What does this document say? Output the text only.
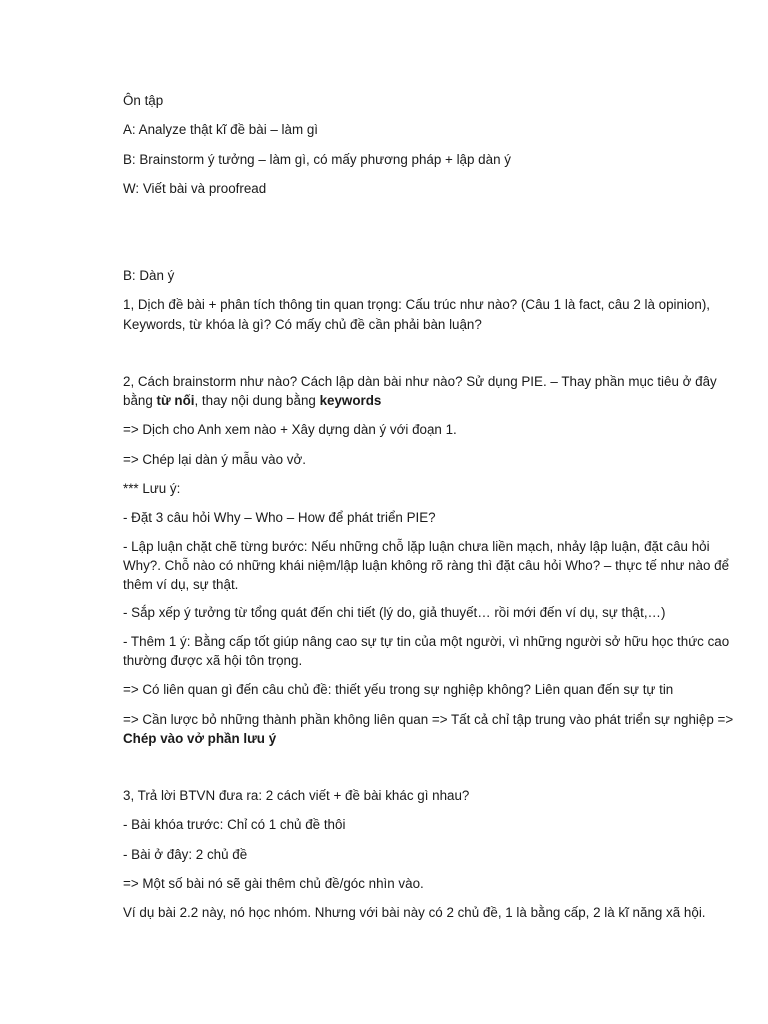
Ôn tập

A: Analyze thật kĩ đề bài – làm gì

B: Brainstorm ý tưởng – làm gì, có mấy phương pháp + lập dàn ý

W: Viết bài và proofread

B: Dàn ý

1, Dịch đề bài + phân tích thông tin quan trọng: Cấu trúc như nào? (Câu 1 là fact, câu 2 là opinion),

Keywords, từ khóa là gì? Có mấy chủ đề cần phải bàn luận?

2, Cách brainstorm như nào? Cách lập dàn bài như nào? Sử dụng PIE. – Thay phần mục tiêu ở đây

bằng từ nối, thay nội dung bằng keywords

=> Dịch cho Anh xem nào + Xây dựng dàn ý với đoạn 1.

=> Chép lại dàn ý mẫu vào vở.

*** Lưu ý:

- Đặt 3 câu hỏi Why – Who – How để phát triển PIE?

- Lập luận chặt chẽ từng bước: Nếu những chỗ lặp luận chưa liền mạch, nhảy lập luận, đặt câu hỏi

Why?. Chỗ nào có những khái niệm/lập luận không rõ ràng thì đặt câu hỏi Who? – thực tế như nào để

thêm ví dụ, sự thật.

- Sắp xếp ý tưởng từ tổng quát đến chi tiết (lý do, giả thuyết… rồi mới đến ví dụ, sự thật,…)

- Thêm 1 ý: Bằng cấp tốt giúp nâng cao sự tự tin của một người, vì những người sở hữu học thức cao

thường được xã hội tôn trọng.

=> Có liên quan gì đến câu chủ đề: thiết yếu trong sự nghiệp không? Liên quan đến sự tự tin

=> Cần lược bỏ những thành phần không liên quan => Tất cả chỉ tập trung vào phát triển sự nghiệp =>

Chép vào vở phần lưu ý

3, Trả lời BTVN đưa ra: 2 cách viết + đề bài khác gì nhau?

- Bài khóa trước: Chỉ có 1 chủ đề thôi

- Bài ở đây: 2 chủ đề

=> Một số bài nó sẽ gài thêm chủ đề/góc nhìn vào.

Ví dụ bài 2.2 này, nó học nhóm. Nhưng với bài này có 2 chủ đề, 1 là bằng cấp, 2 là kĩ năng xã hội.
